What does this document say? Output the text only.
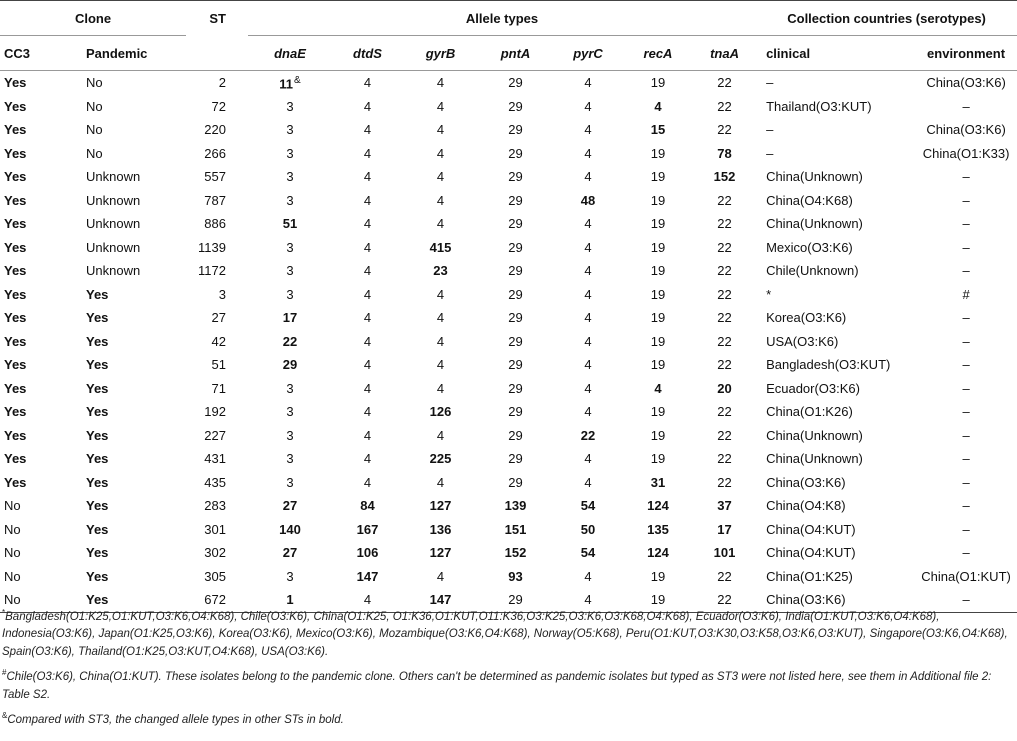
Clone		ST	Allele types							Collection countries (serotypes)	
CC3	Pandemic		dnaE	dtdS	gyrB	pntA	pyrC	recA	tnaA	clinical	environment
Yes	No	2	11&	4	4	29	4	19	22	–	China(O3:K6)
Yes	No	72	3	4	4	29	4	4	22	Thailand(O3:KUT)	–
Yes	No	220	3	4	4	29	4	15	22	–	China(O3:K6)
Yes	No	266	3	4	4	29	4	19	78	–	China(O1:K33)
Yes	Unknown	557	3	4	4	29	4	19	152	China(Unknown)	–
Yes	Unknown	787	3	4	4	29	48	19	22	China(O4:K68)	–
Yes	Unknown	886	51	4	4	29	4	19	22	China(Unknown)	–
Yes	Unknown	1139	3	4	415	29	4	19	22	Mexico(O3:K6)	–
Yes	Unknown	1172	3	4	23	29	4	19	22	Chile(Unknown)	–
Yes	Yes	3	3	4	4	29	4	19	22	*	#
Yes	Yes	27	17	4	4	29	4	19	22	Korea(O3:K6)	–
Yes	Yes	42	22	4	4	29	4	19	22	USA(O3:K6)	–
Yes	Yes	51	29	4	4	29	4	19	22	Bangladesh(O3:KUT)	–
Yes	Yes	71	3	4	4	29	4	4	20	Ecuador(O3:K6)	–
Yes	Yes	192	3	4	126	29	4	19	22	China(O1:K26)	–
Yes	Yes	227	3	4	4	29	22	19	22	China(Unknown)	–
Yes	Yes	431	3	4	225	29	4	19	22	China(Unknown)	–
Yes	Yes	435	3	4	4	29	4	31	22	China(O3:K6)	–
No	Yes	283	27	84	127	139	54	124	37	China(O4:K8)	–
No	Yes	301	140	167	136	151	50	135	17	China(O4:KUT)	–
No	Yes	302	27	106	127	152	54	124	101	China(O4:KUT)	–
No	Yes	305	3	147	4	93	4	19	22	China(O1:K25)	China(O1:KUT)
No	Yes	672	1	4	147	29	4	19	22	China(O3:K6)	–

*Bangladesh(O1:K25,O1:KUT,O3:K6,O4:K68), Chile(O3:K6), China(O1:K25, O1:K36,O1:KUT,O11:K36,O3:K25,O3:K6,O3:K68,O4:K68), Ecuador(O3:K6), India(O1:KUT,O3:K6,O4:K68), Indonesia(O3:K6), Japan(O1:K25,O3:K6), Korea(O3:K6), Mexico(O3:K6), Mozambique(O3:K6,O4:K68), Norway(O5:K68), Peru(O1:KUT,O3:K30,O3:K58,O3:K6,O3:KUT), Singapore(O3:K6,O4:K68), Spain(O3:K6), Thailand(O1:K25,O3:KUT,O4:K68), USA(O3:K6).

#Chile(O3:K6), China(O1:KUT). These isolates belong to the pandemic clone. Others can't be determined as pandemic isolates but typed as ST3 were not listed here, see them in Additional file 2: Table S2.

&Compared with ST3, the changed allele types in other STs in bold.
